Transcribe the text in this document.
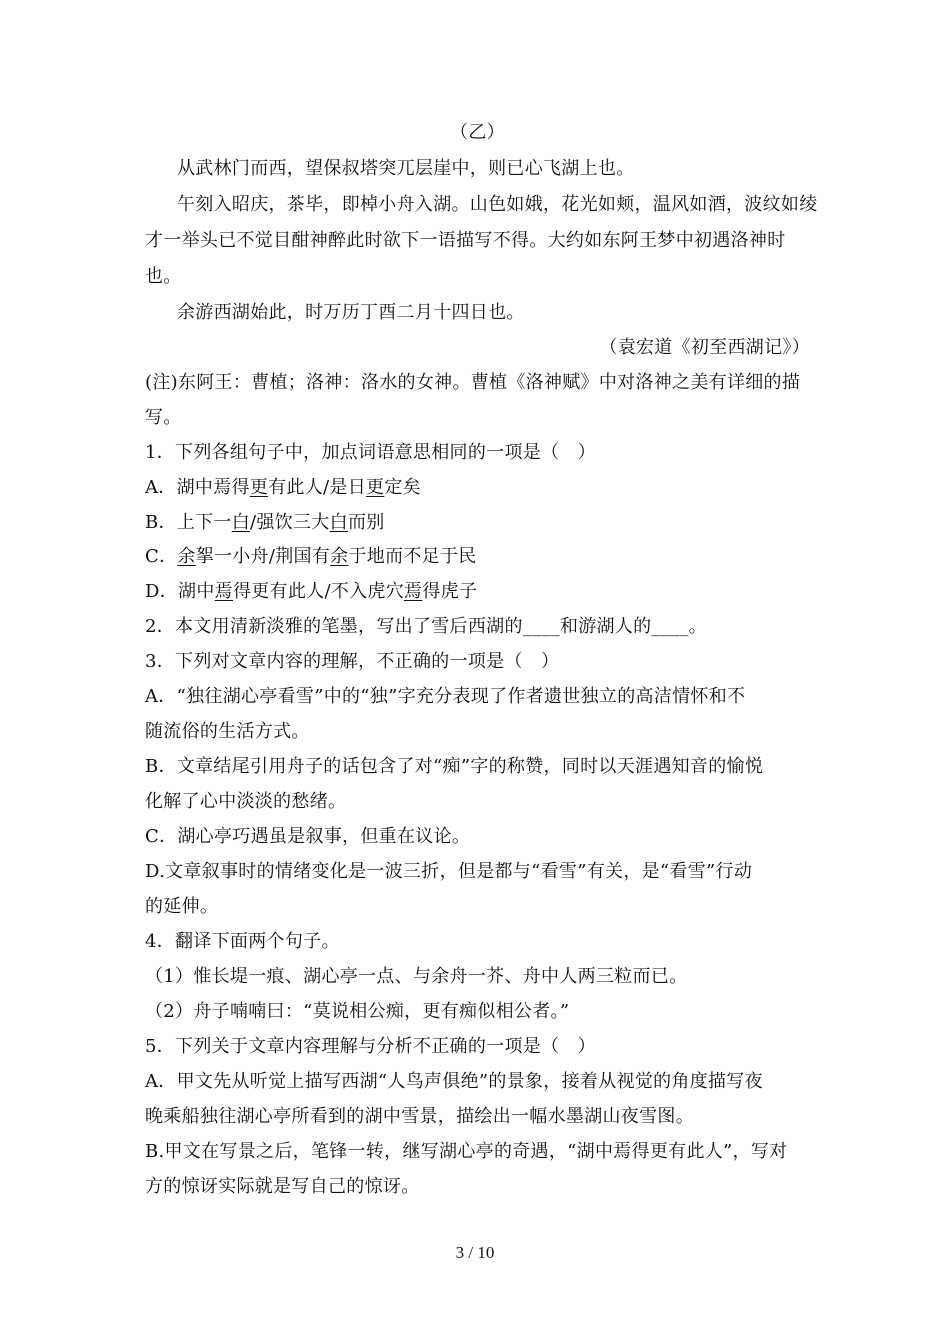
（乙）
从武林门而西，望保叔塔突兀层崖中，则已心飞湖上也。
午刻入昭庆，茶毕，即棹小舟入湖。山色如娥，花光如颊，温风如酒，波纹如绫
才一举头已不觉目酣神醉此时欲下一语描写不得。大约如东阿王梦中初遇洛神时
也。
余游西湖始此，时万历丁酉二月十四日也。
（袁宏道《初至西湖记》）
(注)东阿王：曹植；洛神：洛水的女神。曹植《洛神赋》中对洛神之美有详细的描
写。
1．下列各组句子中，加点词语意思相同的一项是（　）
A．湖中焉得更有此人/是日更定矣
B．上下一白/强饮三大白而别
C．余挐一小舟/荆国有余于地而不足于民
D．湖中焉得更有此人/不入虎穴焉得虎子
2．本文用清新淡雅的笔墨，写出了雪后西湖的____和游湖人的____。
3．下列对文章内容的理解，不正确的一项是（　）
A．“独往湖心亭看雪”中的“独”字充分表现了作者遗世独立的高洁情怀和不
随流俗的生活方式。
B．文章结尾引用舟子的话包含了对“痴”字的称赞，同时以天涯遇知音的愉悦
化解了心中淡淡的愁绪。
C．湖心亭巧遇虽是叙事，但重在议论。
D.文章叙事时的情绪变化是一波三折，但是都与“看雪”有关，是“看雪”行动
的延伸。
4．翻译下面两个句子。
（1）惟长堤一痕、湖心亭一点、与余舟一芥、舟中人两三粒而已。
（2）舟子喃喃曰：“莫说相公痴，更有痴似相公者。”
5．下列关于文章内容理解与分析不正确的一项是（　）
A．甲文先从听觉上描写西湖“人鸟声俱绝”的景象，接着从视觉的角度描写夜
晚乘船独往湖心亭所看到的湖中雪景，描绘出一幅水墨湖山夜雪图。
B.甲文在写景之后，笔锋一转，继写湖心亭的奇遇，“湖中焉得更有此人”，写对
方的惊讶实际就是写自己的惊讶。
3 / 10
